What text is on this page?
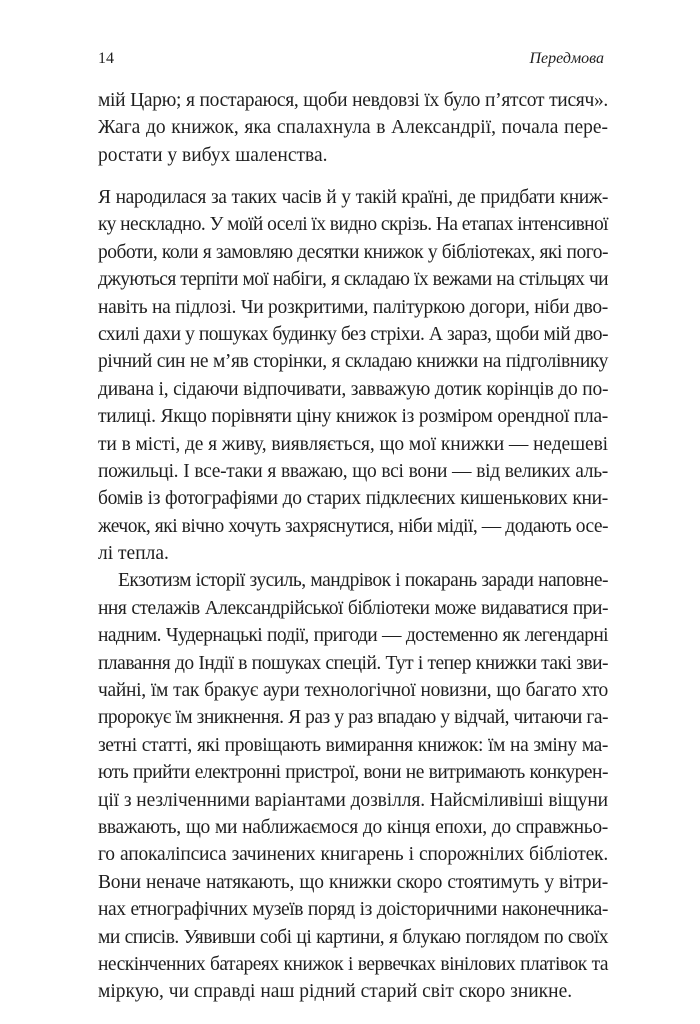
14	Передмова
мій Царю; я постараюся, щоби невдовзі їх було п’ятсот тисяч».
Жага до книжок, яка спалахнула в Александрії, почала пере-
ростати у вибух шаленства.
Я народилася за таких часів й у такій країні, де придбати книж-
ку нескладно. У моїй оселі їх видно скрізь. На етапах інтенсивної
роботи, коли я замовляю десятки книжок у бібліотеках, які пого-
джуються терпіти мої набіги, я складаю їх вежами на стільцях чи
навіть на підлозі. Чи розкритими, палітуркою догори, ніби дво-
схилі дахи у пошуках будинку без стріхи. А зараз, щоби мій дво-
річний син не м’яв сторінки, я складаю книжки на підголівнику
дивана і, сідаючи відпочивати, завважую дотик корінців до по-
тилиці. Якщо порівняти ціну книжок із розміром орендної пла-
ти в місті, де я живу, виявляється, що мої книжки — недешеві
пожильці. І все-таки я вважаю, що всі вони — від великих аль-
бомів із фотографіями до старих підклеєних кишенькових кни-
жечок, які вічно хочуть захряснутися, ніби мідії, — додають осе-
лі тепла.
Екзотизм історії зусиль, мандрівок і покарань заради наповне-
ння стелажів Александрійської бібліотеки може видаватися при-
надним. Чудернацькі події, пригоди — достеменно як легендарні
плавання до Індії в пошуках спецій. Тут і тепер книжки такі зви-
чайні, їм так бракує аури технологічної новизни, що багато хто
пророкує їм зникнення. Я раз у раз впадаю у відчай, читаючи га-
зетні статті, які провіщають вимирання книжок: їм на зміну ма-
ють прийти електронні пристрої, вони не витримають конкурен-
ції з незліченними варіантами дозвілля. Найсміливіші віщуни
вважають, що ми наближаємося до кінця епохи, до справжньо-
го апокаліпсиса зачинених книгарень і спорожнілих бібліотек.
Вони неначе натякають, що книжки скоро стоятимуть у вітри-
нах етнографічних музеїв поряд із доісторичними наконечника-
ми списів. Уявивши собі ці картини, я блукаю поглядом по своїх
нескінченних батареях книжок і вервечках вінілових платівок та
міркую, чи справді наш рідний старий світ скоро зникне.
